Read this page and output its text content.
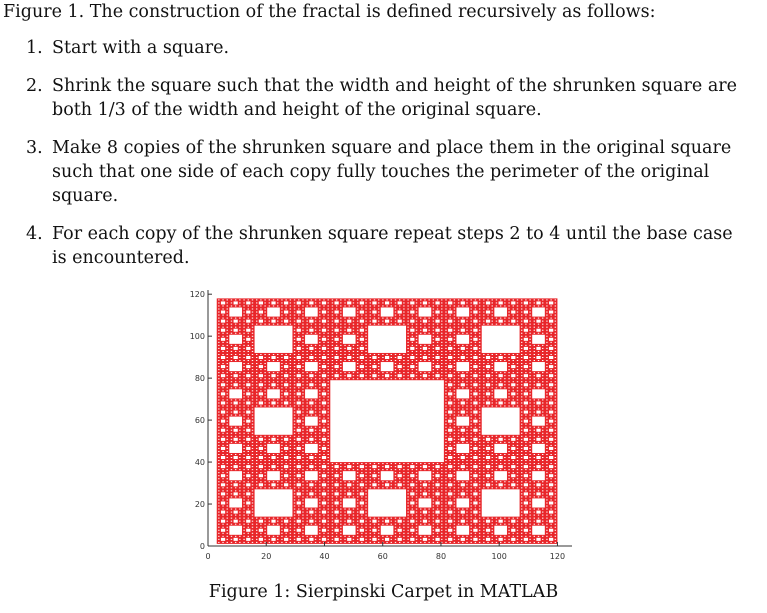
Figure 1. The construction of the fractal is defined recursively as follows:
1. Start with a square.
2. Shrink the square such that the width and height of the shrunken square are both 1/3 of the width and height of the original square.
3. Make 8 copies of the shrunken square and place them in the original square such that one side of each copy fully touches the perimeter of the original square.
4. For each copy of the shrunken square repeat steps 2 to 4 until the base case is encountered.
0	20	40	60	80	100	120
0
20
40
60
80
100
120
Figure 1: Sierpinski Carpet in MATLAB
